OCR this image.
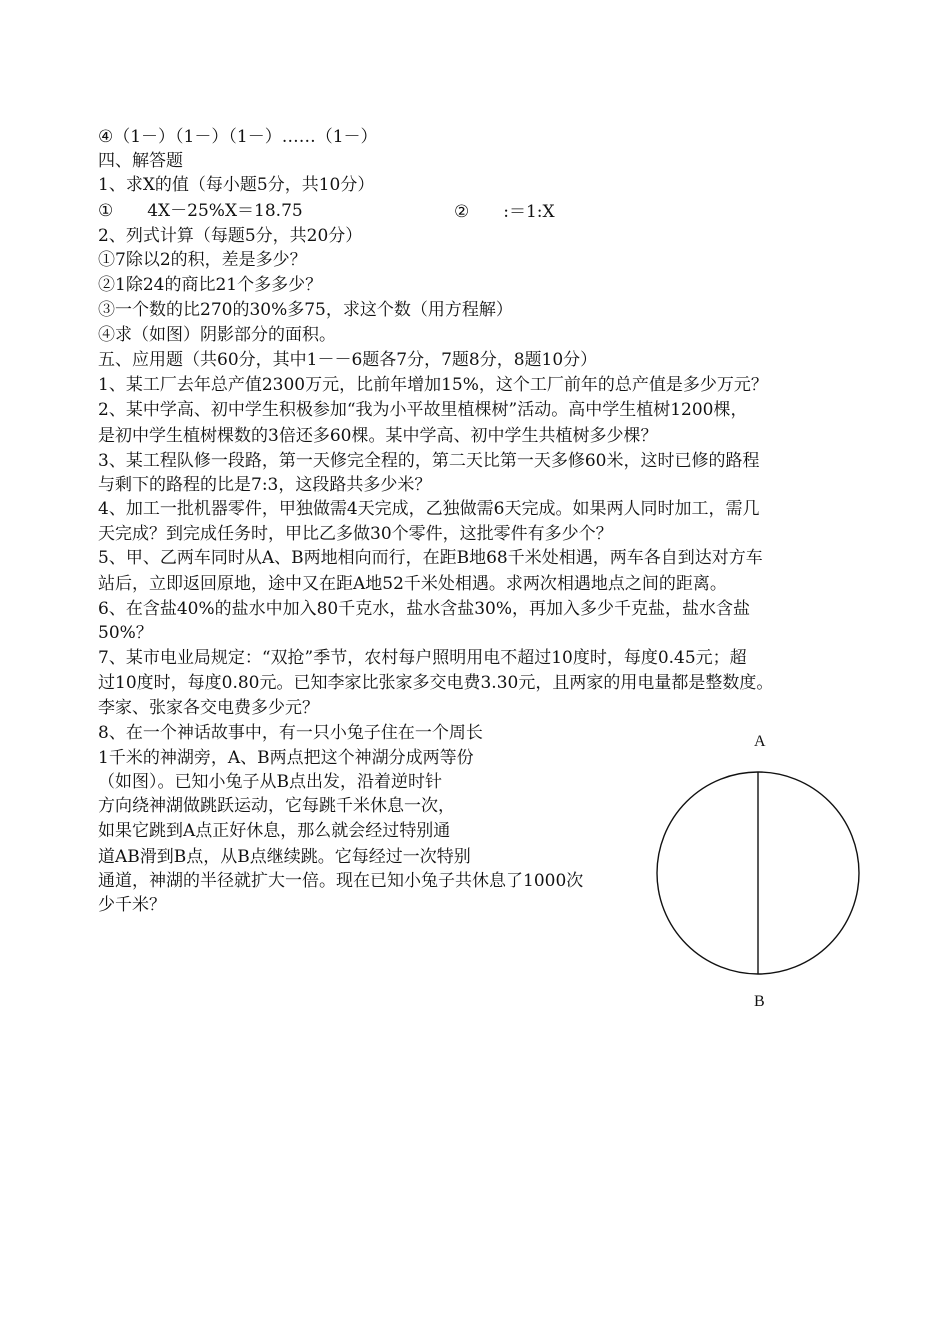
④（1－）（1－）（1－）……（1－）
四、解答题
1、求X的值（每小题5分，共10分）
①　　4X－25%X＝18.75
2、列式计算（每题5分，共20分）
①7除以2的积，差是多少？
②1除24的商比21个多多少？
③一个数的比270的30%多75，求这个数（用方程解）
④求（如图）阴影部分的面积。
五、应用题（共60分，其中1－－6题各7分，7题8分，8题10分）
1、某工厂去年总产值2300万元，比前年增加15%，这个工厂前年的总产值是多少万元？
2、某中学高、初中学生积极参加“我为小平故里植棵树”活动。高中学生植树1200棵，
是初中学生植树棵数的3倍还多60棵。某中学高、初中学生共植树多少棵？
3、某工程队修一段路，第一天修完全程的，第二天比第一天多修60米，这时已修的路程
与剩下的路程的比是7:3，这段路共多少米？
4、加工一批机器零件，甲独做需4天完成，乙独做需6天完成。如果两人同时加工，需几
天完成？到完成任务时，甲比乙多做30个零件，这批零件有多少个？
5、甲、乙两车同时从A、B两地相向而行，在距B地68千米处相遇，两车各自到达对方车
站后，立即返回原地，途中又在距A地52千米处相遇。求两次相遇地点之间的距离。
6、在含盐40%的盐水中加入80千克水，盐水含盐30%，再加入多少千克盐，盐水含盐
50%？
7、某市电业局规定：“双抢”季节，农村每户照明用电不超过10度时，每度0.45元；超
过10度时，每度0.80元。已知李家比张家多交电费3.30元，且两家的用电量都是整数度。
李家、张家各交电费多少元？
8、在一个神话故事中，有一只小兔子住在一个周长
1千米的神湖旁，A、B两点把这个神湖分成两等份
（如图）。已知小兔子从B点出发，沿着逆时针
方向绕神湖做跳跃运动，它每跳千米休息一次，
如果它跳到A点正好休息，那么就会经过特别通
道AB滑到B点，从B点继续跳。它每经过一次特别
通道，神湖的半径就扩大一倍。现在已知小兔子共休息了1000次
少千米？
②　　:＝1:X
A
B
